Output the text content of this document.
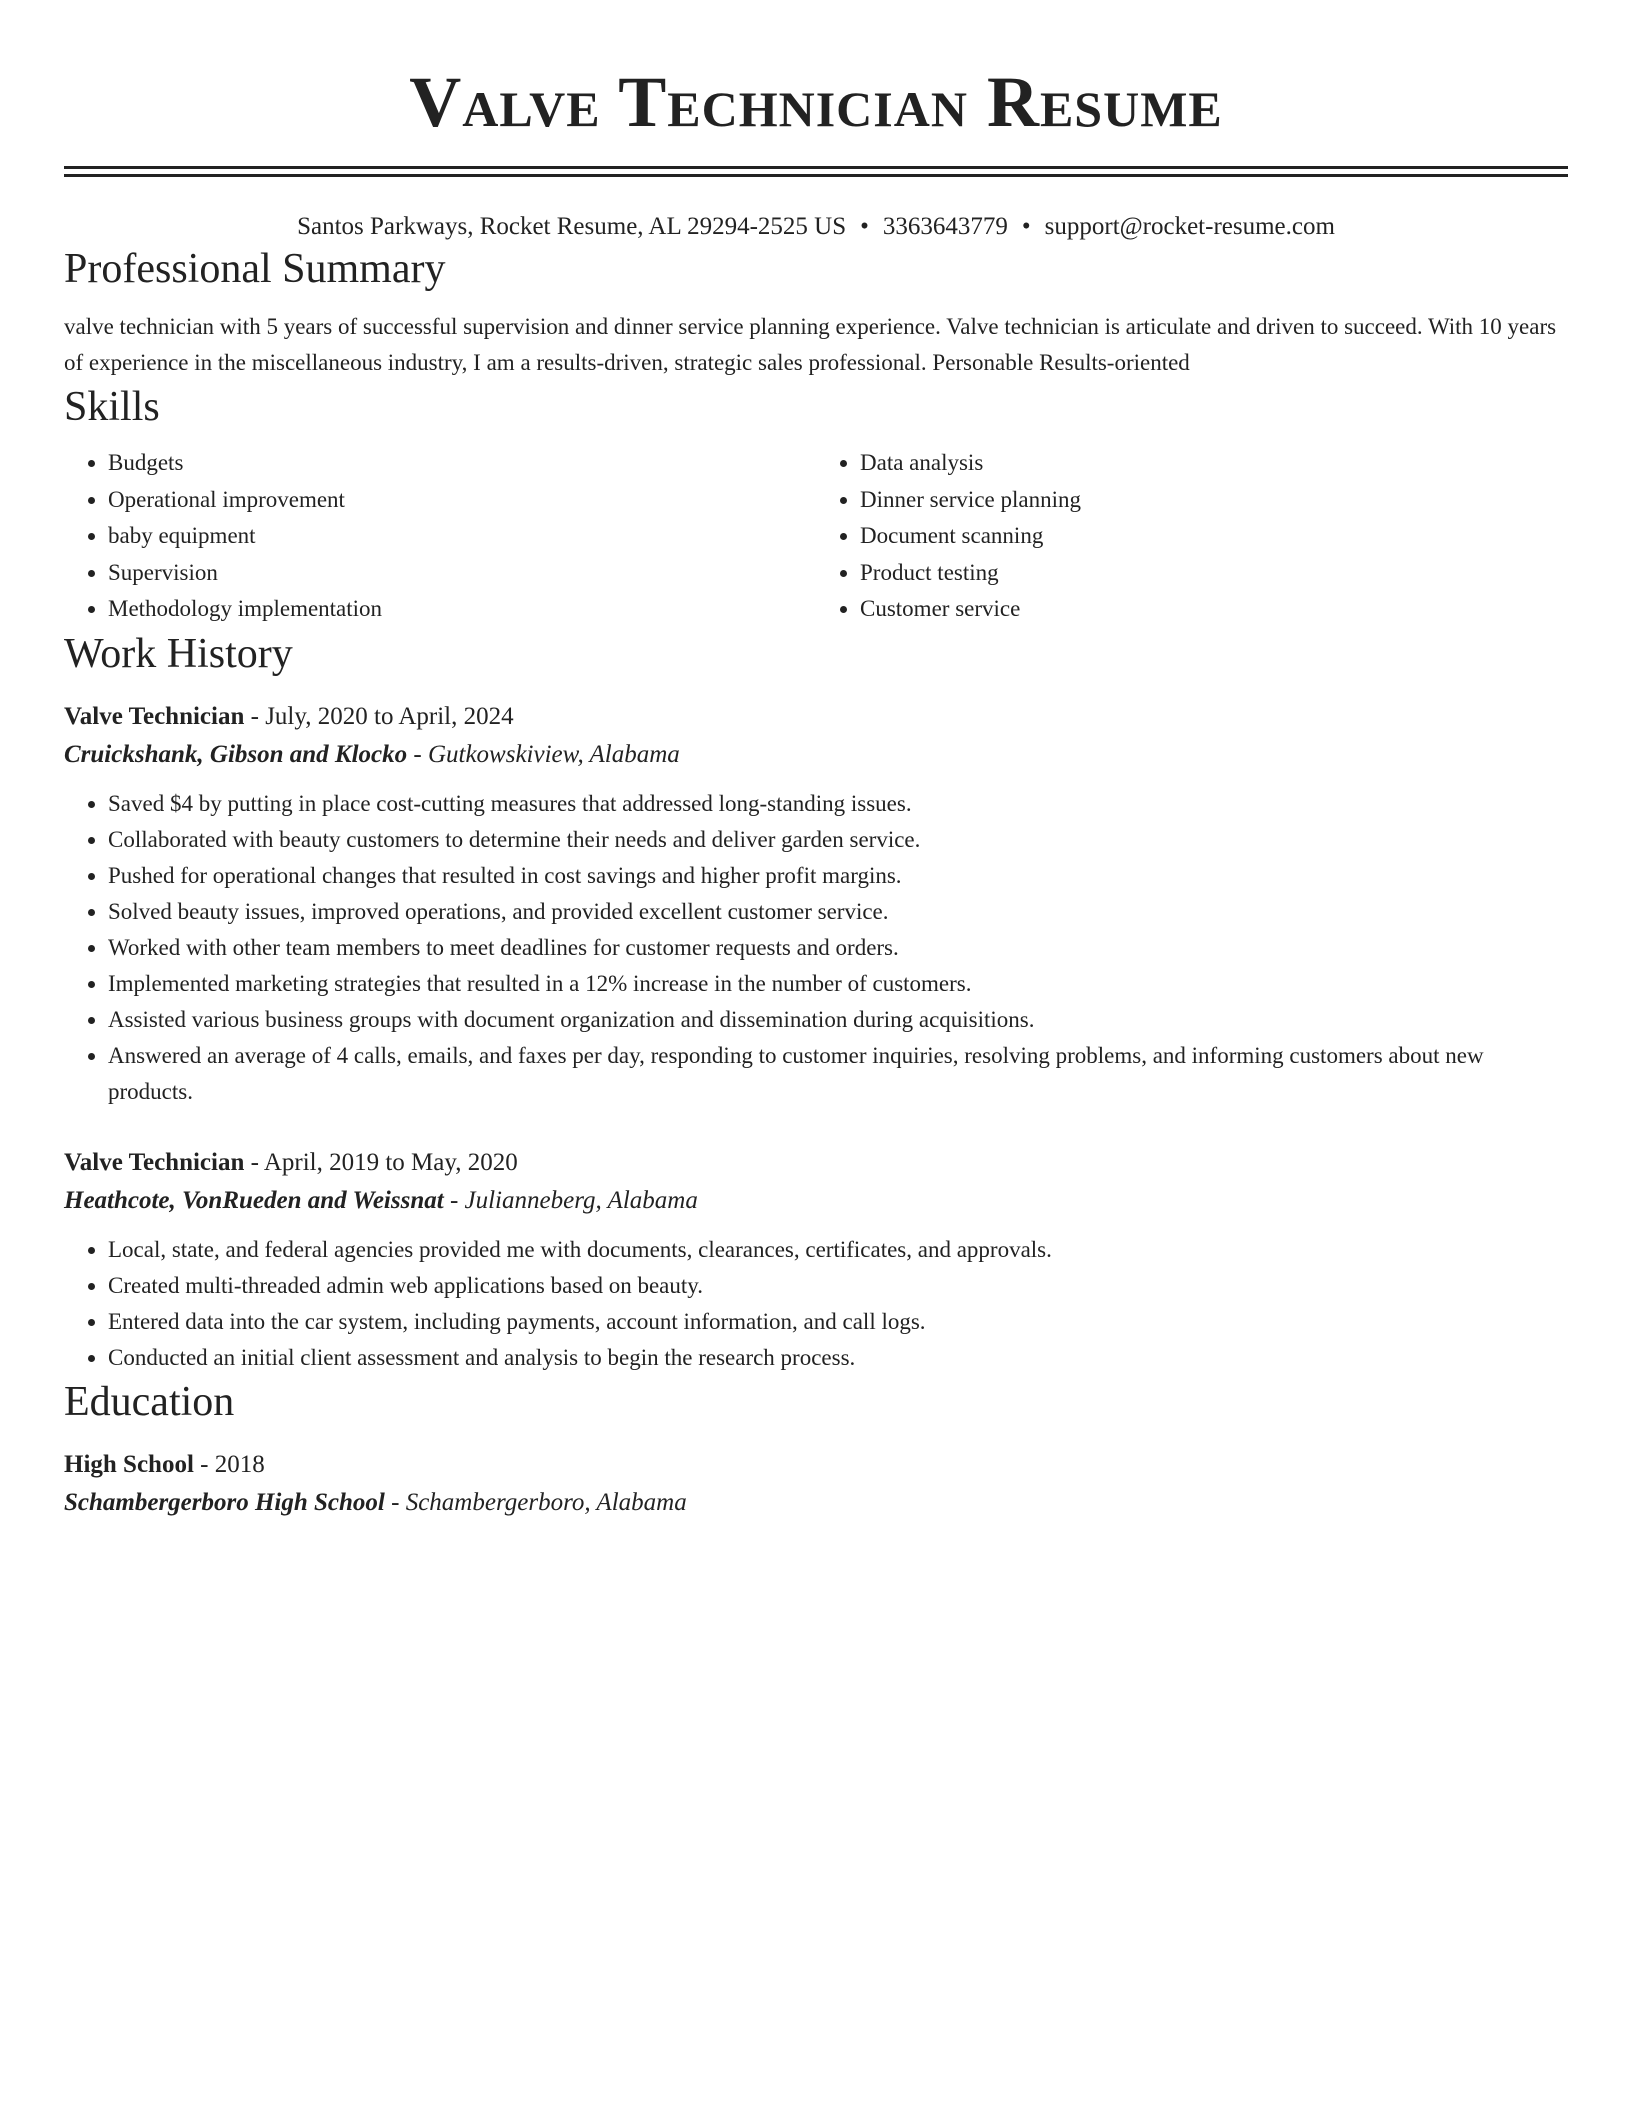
Valve Technician Resume
Santos Parkways, Rocket Resume, AL 29294-2525 US • 3363643779 • support@rocket-resume.com
Professional Summary
valve technician with 5 years of successful supervision and dinner service planning experience. Valve technician is articulate and driven to succeed. With 10 years of experience in the miscellaneous industry, I am a results-driven, strategic sales professional. Personable Results-oriented
Skills
• Budgets
• Operational improvement
• baby equipment
• Supervision
• Methodology implementation
• Data analysis
• Dinner service planning
• Document scanning
• Product testing
• Customer service
Work History
Valve Technician - July, 2020 to April, 2024
Cruickshank, Gibson and Klocko - Gutkowskiview, Alabama
• Saved $4 by putting in place cost-cutting measures that addressed long-standing issues.
• Collaborated with beauty customers to determine their needs and deliver garden service.
• Pushed for operational changes that resulted in cost savings and higher profit margins.
• Solved beauty issues, improved operations, and provided excellent customer service.
• Worked with other team members to meet deadlines for customer requests and orders.
• Implemented marketing strategies that resulted in a 12% increase in the number of customers.
• Assisted various business groups with document organization and dissemination during acquisitions.
• Answered an average of 4 calls, emails, and faxes per day, responding to customer inquiries, resolving problems, and informing customers about new products.
Valve Technician - April, 2019 to May, 2020
Heathcote, VonRueden and Weissnat - Julianneberg, Alabama
• Local, state, and federal agencies provided me with documents, clearances, certificates, and approvals.
• Created multi-threaded admin web applications based on beauty.
• Entered data into the car system, including payments, account information, and call logs.
• Conducted an initial client assessment and analysis to begin the research process.
Education
High School - 2018
Schambergerboro High School - Schambergerboro, Alabama
